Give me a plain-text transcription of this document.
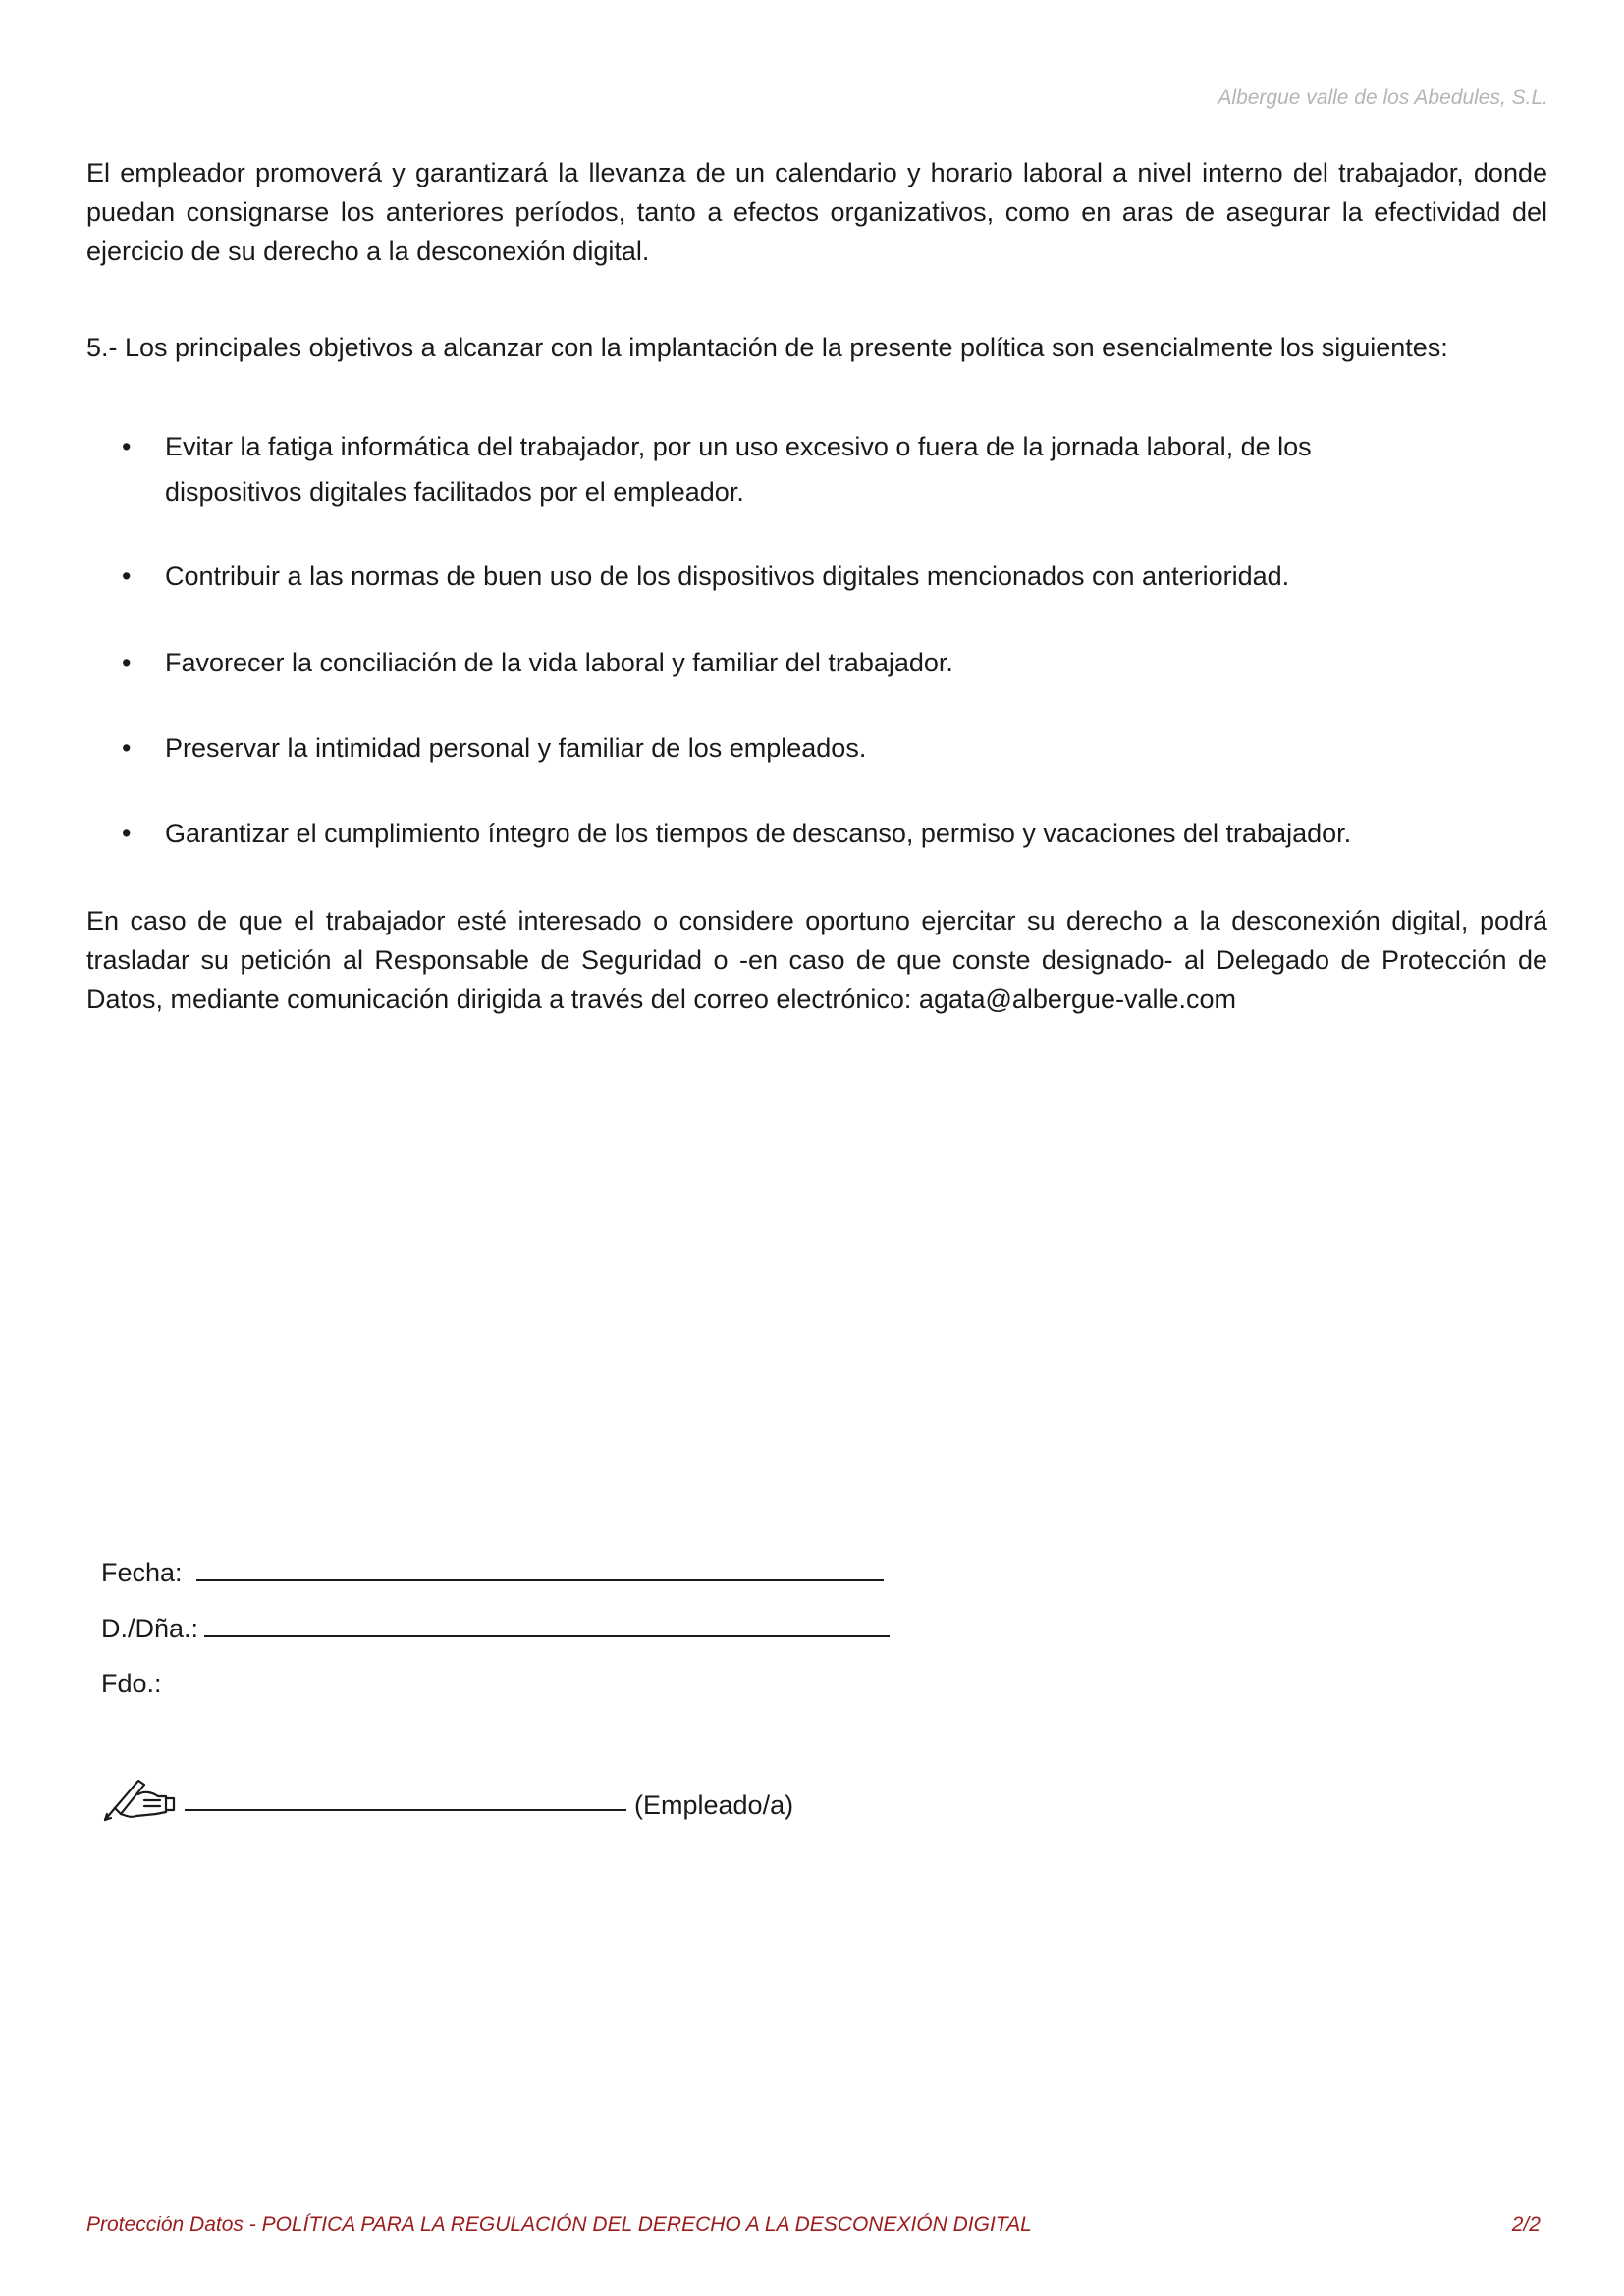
Albergue valle de los Abedules, S.L.

El empleador promoverá y garantizará la llevanza de un calendario y horario laboral a nivel interno del trabajador, donde puedan consignarse los anteriores períodos, tanto a efectos organizativos, como en aras de asegurar la efectividad del ejercicio de su derecho a la desconexión digital.

5.- Los principales objetivos a alcanzar con la implantación de la presente política son esencialmente los siguientes:

• Evitar la fatiga informática del trabajador, por un uso excesivo o fuera de la jornada laboral, de los
dispositivos digitales facilitados por el empleador.
• Contribuir a las normas de buen uso de los dispositivos digitales mencionados con anterioridad.
• Favorecer la conciliación de la vida laboral y familiar del trabajador.
• Preservar la intimidad personal y familiar de los empleados.
• Garantizar el cumplimiento íntegro de los tiempos de descanso, permiso y vacaciones del trabajador.

En caso de que el trabajador esté interesado o considere oportuno ejercitar su derecho a la desconexión digital, podrá trasladar su petición al Responsable de Seguridad o -en caso de que conste designado- al Delegado de Protección de Datos, mediante comunicación dirigida a través del correo electrónico: agata@albergue-valle.com

Fecha:
D./Dña.:
Fdo.:
(Empleado/a)
Protección Datos - POLÍTICA PARA LA REGULACIÓN DEL DERECHO A LA DESCONEXIÓN DIGITAL	2/2
